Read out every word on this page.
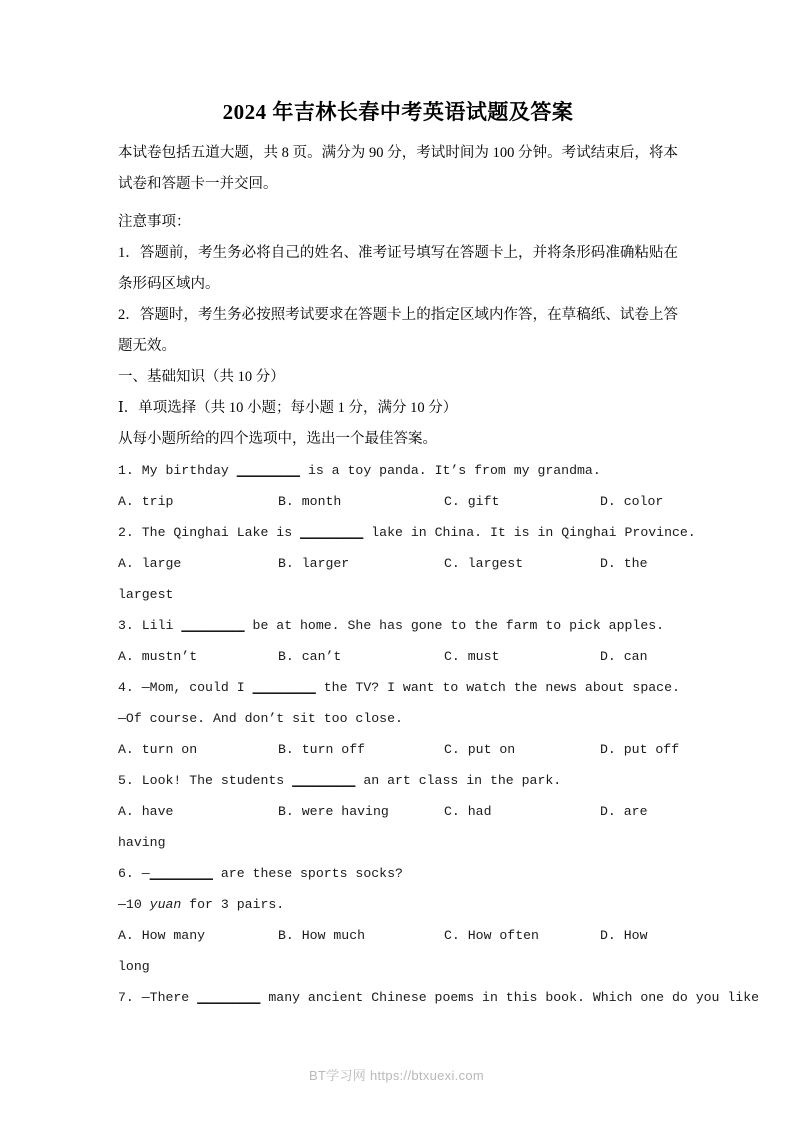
2024 年吉林长春中考英语试题及答案

本试卷包括五道大题，共 8 页。满分为 90 分，考试时间为 100 分钟。考试结束后，将本试卷和答题卡一并交回。

注意事项：

1．答题前，考生务必将自己的姓名、准考证号填写在答题卡上，并将条形码准确粘贴在条形码区域内。

2．答题时，考生务必按照考试要求在答题卡上的指定区域内作答，在草稿纸、试卷上答题无效。

一、基础知识（共 10 分）

Ⅰ．单项选择（共 10 小题；每小题 1 分，满分 10 分）

从每小题所给的四个选项中，选出一个最佳答案。

1. My birthday ________ is a toy panda. It’s from my grandma.

A. trip

	B. month

	C. gift

	D. color

2. The Qinghai Lake is ________ lake in China. It is in Qinghai Province.

A. large

	B. larger

	C. largest

	D. the

largest

3. Lili ________ be at home. She has gone to the farm to pick apples.

A. mustn’t

	B. can’t

	C. must

	D. can

4. —Mom, could I ________ the TV? I want to watch the news about space.

—Of course. And don’t sit too close.

A. turn on

	B. turn off

	C. put on

	D. put off

5. Look! The students ________ an art class in the park.

A. have

	B. were having

	C. had

	D. are

having

6. —________ are these sports socks?

—10 yuan for 3 pairs.

A. How many

	B. How much

	C. How often

	D. How

long

7. —There ________ many ancient Chinese poems in this book. Which one do you like

BT学习网 https://btxuexi.com
